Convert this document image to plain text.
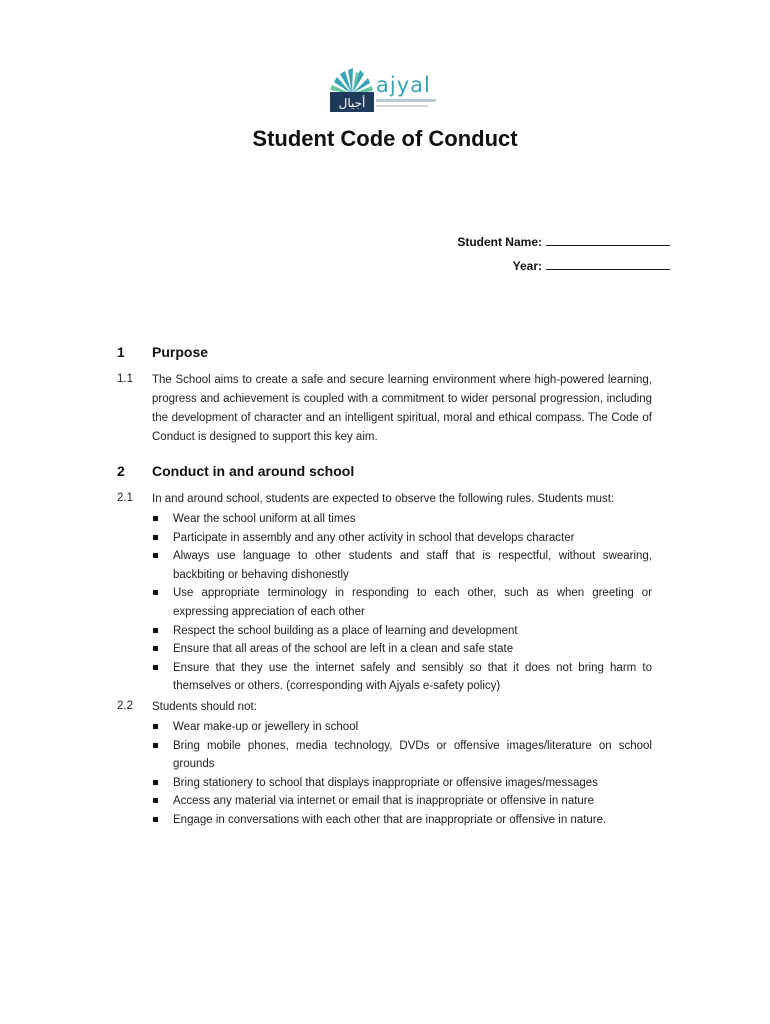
أجيال
ajyal
Student Code of Conduct
Student Name:
Year:
1 Purpose
1.1 The School aims to create a safe and secure learning environment where high-powered learning, progress and achievement is coupled with a commitment to wider personal progression, including the development of character and an intelligent spiritual, moral and ethical compass. The Code of Conduct is designed to support this key aim.
2 Conduct in and around school
2.1 In and around school, students are expected to observe the following rules. Students must:
Wear the school uniform at all times
Participate in assembly and any other activity in school that develops character
Always use language to other students and staff that is respectful, without swearing, backbiting or behaving dishonestly
Use appropriate terminology in responding to each other, such as when greeting or expressing appreciation of each other
Respect the school building as a place of learning and development
Ensure that all areas of the school are left in a clean and safe state
Ensure that they use the internet safely and sensibly so that it does not bring harm to themselves or others. (corresponding with Ajyals e-safety policy)
2.2 Students should not:
Wear make-up or jewellery in school
Bring mobile phones, media technology, DVDs or offensive images/literature on school grounds
Bring stationery to school that displays inappropriate or offensive images/messages
Access any material via internet or email that is inappropriate or offensive in nature
Engage in conversations with each other that are inappropriate or offensive in nature.
